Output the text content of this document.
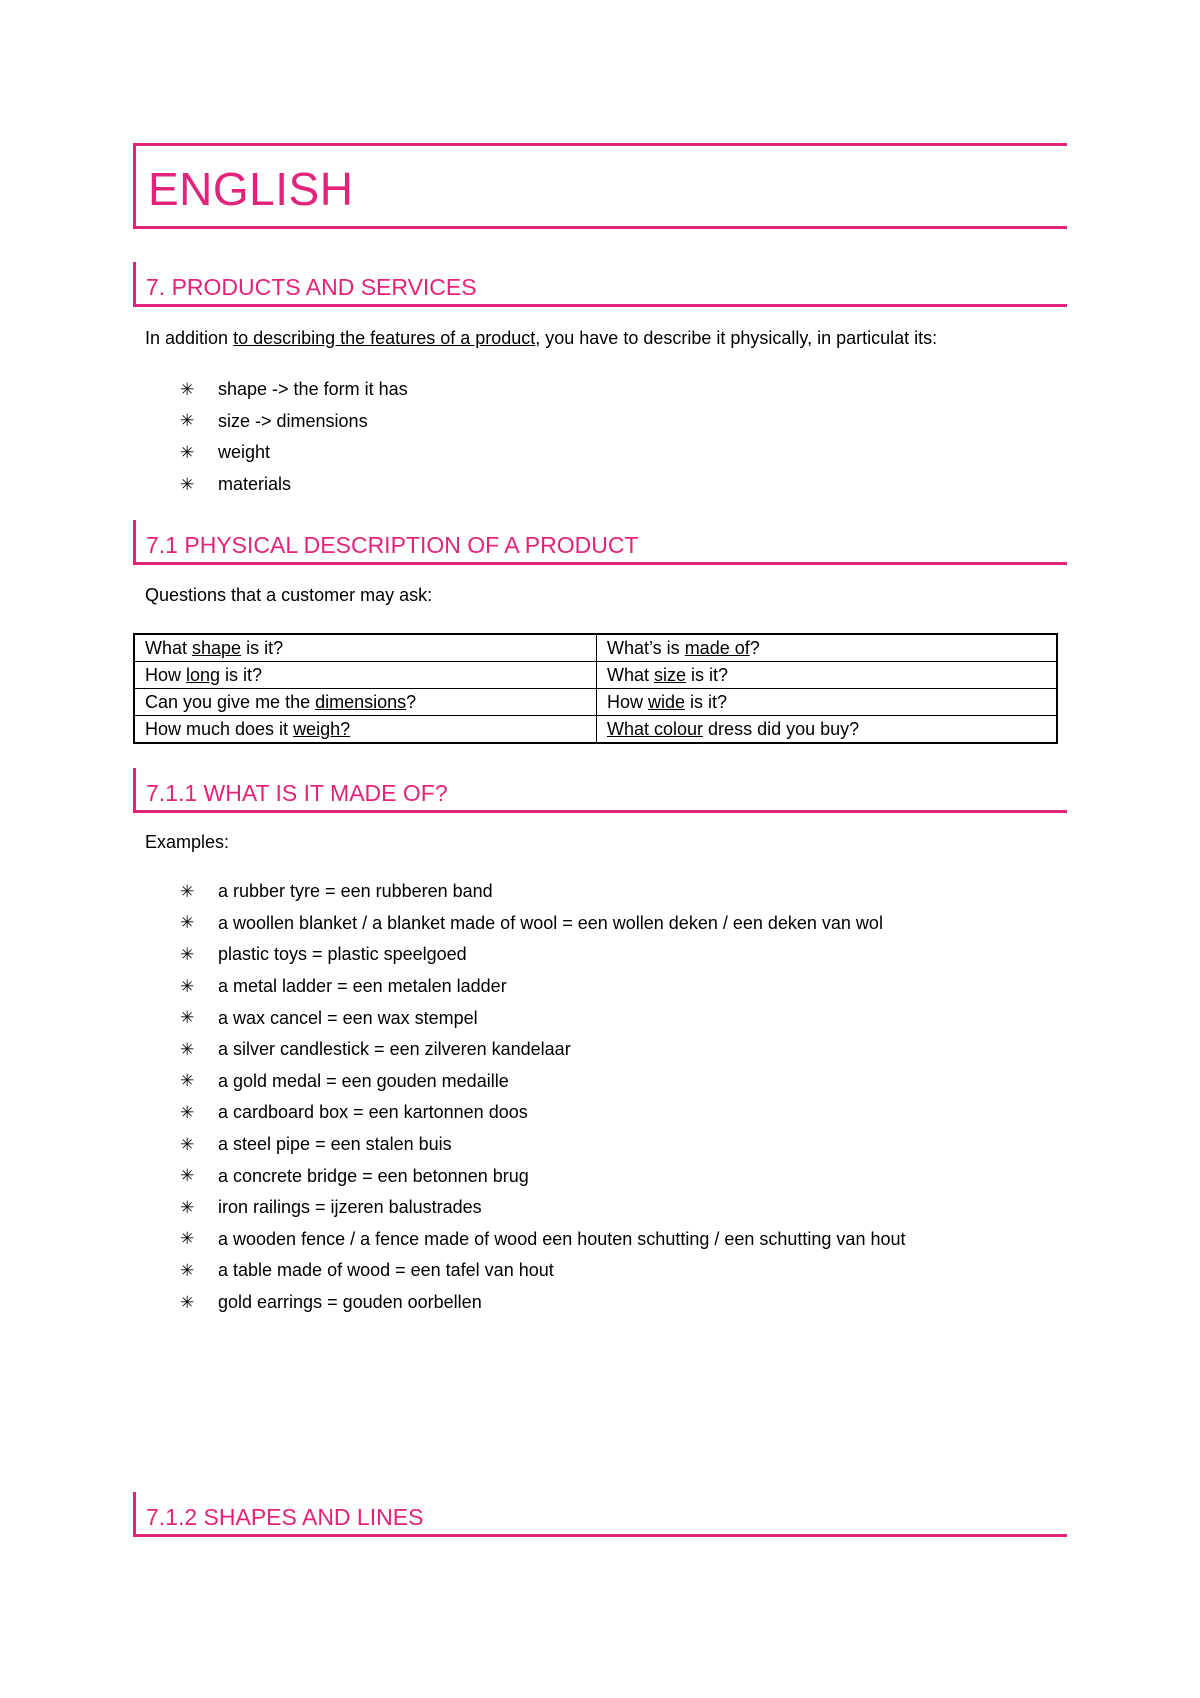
ENGLISH
7. PRODUCTS AND SERVICES
In addition to describing the features of a product, you have to describe it physically, in particulat its:
✳	shape -> the form it has
✳	size -> dimensions
✳	weight
✳	materials
7.1 PHYSICAL DESCRIPTION OF A PRODUCT
Questions that a customer may ask:
What shape is it?	What’s is made of?
How long is it?	What size is it?
Can you give me the dimensions?	How wide is it?
How much does it weigh?	What colour dress did you buy?
7.1.1 WHAT IS IT MADE OF?
Examples:
✳	a rubber tyre = een rubberen band
✳	a woollen blanket / a blanket made of wool = een wollen deken / een deken van wol
✳	plastic toys = plastic speelgoed
✳	a metal ladder = een metalen ladder
✳	a wax cancel = een wax stempel
✳	a silver candlestick = een zilveren kandelaar
✳	a gold medal = een gouden medaille
✳	a cardboard box = een kartonnen doos
✳	a steel pipe = een stalen buis
✳	a concrete bridge = een betonnen brug
✳	iron railings = ijzeren balustrades
✳	a wooden fence / a fence made of wood een houten schutting / een schutting van hout
✳	a table made of wood = een tafel van hout
✳	gold earrings = gouden oorbellen
7.1.2 SHAPES AND LINES
